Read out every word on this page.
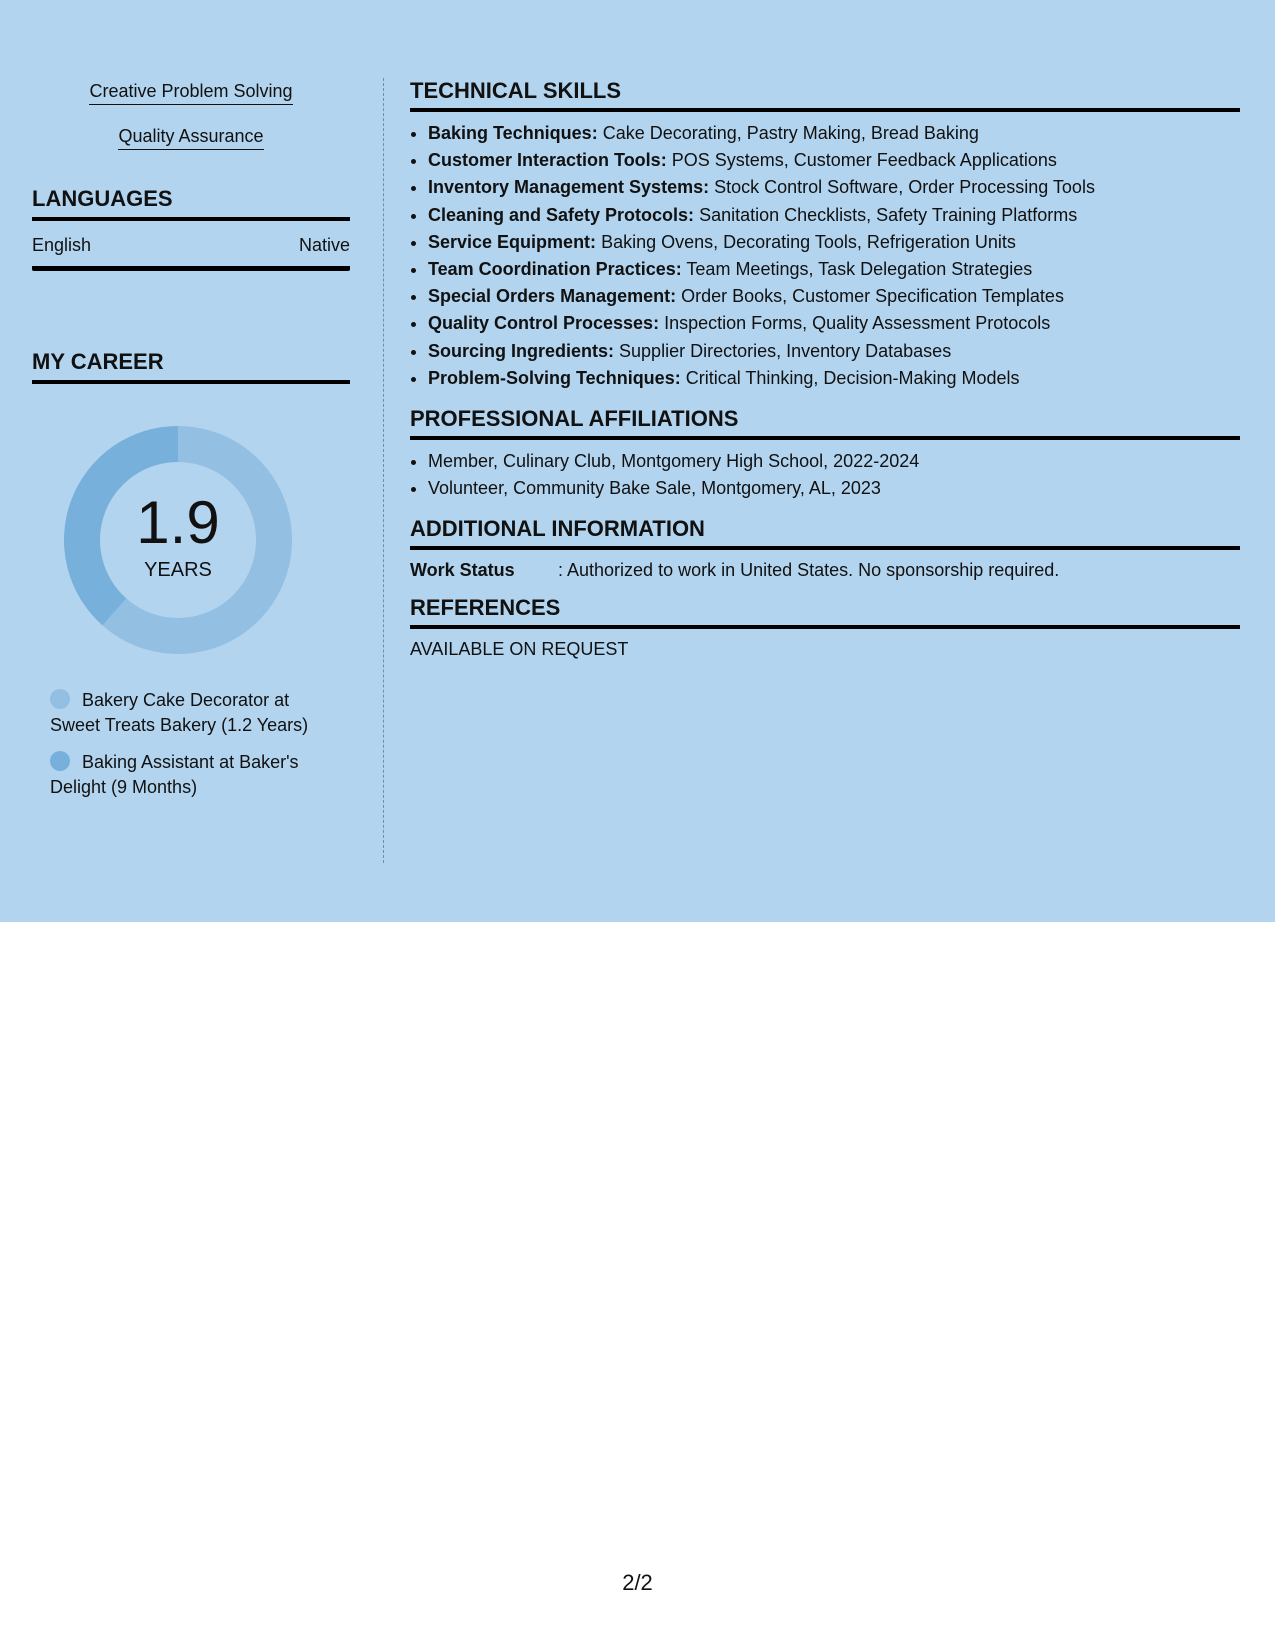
Creative Problem Solving
Quality Assurance
LANGUAGES
English	Native
MY CAREER
1.9
YEARS
Bakery Cake Decorator at Sweet Treats Bakery (1.2 Years)
Baking Assistant at Baker's Delight (9 Months)
TECHNICAL SKILLS
• Baking Techniques: Cake Decorating, Pastry Making, Bread Baking
• Customer Interaction Tools: POS Systems, Customer Feedback Applications
• Inventory Management Systems: Stock Control Software, Order Processing Tools
• Cleaning and Safety Protocols: Sanitation Checklists, Safety Training Platforms
• Service Equipment: Baking Ovens, Decorating Tools, Refrigeration Units
• Team Coordination Practices: Team Meetings, Task Delegation Strategies
• Special Orders Management: Order Books, Customer Specification Templates
• Quality Control Processes: Inspection Forms, Quality Assessment Protocols
• Sourcing Ingredients: Supplier Directories, Inventory Databases
• Problem-Solving Techniques: Critical Thinking, Decision-Making Models
PROFESSIONAL AFFILIATIONS
• Member, Culinary Club, Montgomery High School, 2022-2024
• Volunteer, Community Bake Sale, Montgomery, AL, 2023
ADDITIONAL INFORMATION
Work Status	: Authorized to work in United States. No sponsorship required.
REFERENCES
AVAILABLE ON REQUEST
2/2
